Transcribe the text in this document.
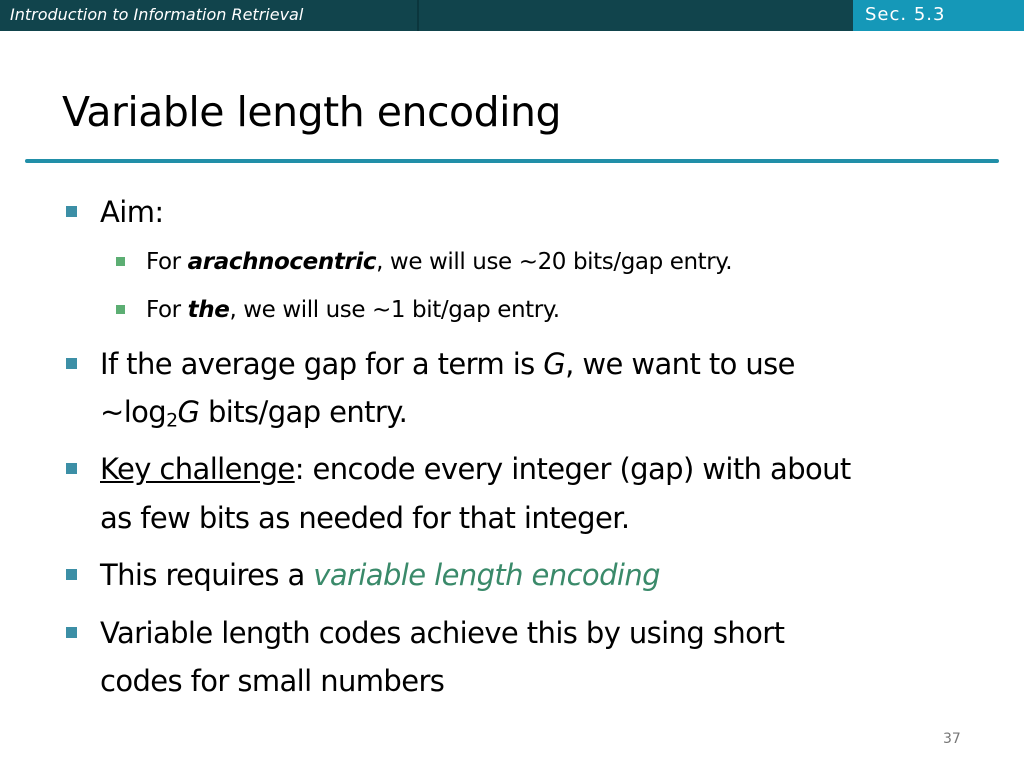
Introduction to Information Retrieval	Sec. 5.3
Variable length encoding
Aim:
For arachnocentric, we will use ~20 bits/gap entry.
For the, we will use ~1 bit/gap entry.
If the average gap for a term is G, we want to use
$\sim\log_2G$ bits/gap entry.
Key challenge: encode every integer (gap) with about
as few bits as needed for that integer.
This requires a variable length encoding
Variable length codes achieve this by using short
codes for small numbers
37
